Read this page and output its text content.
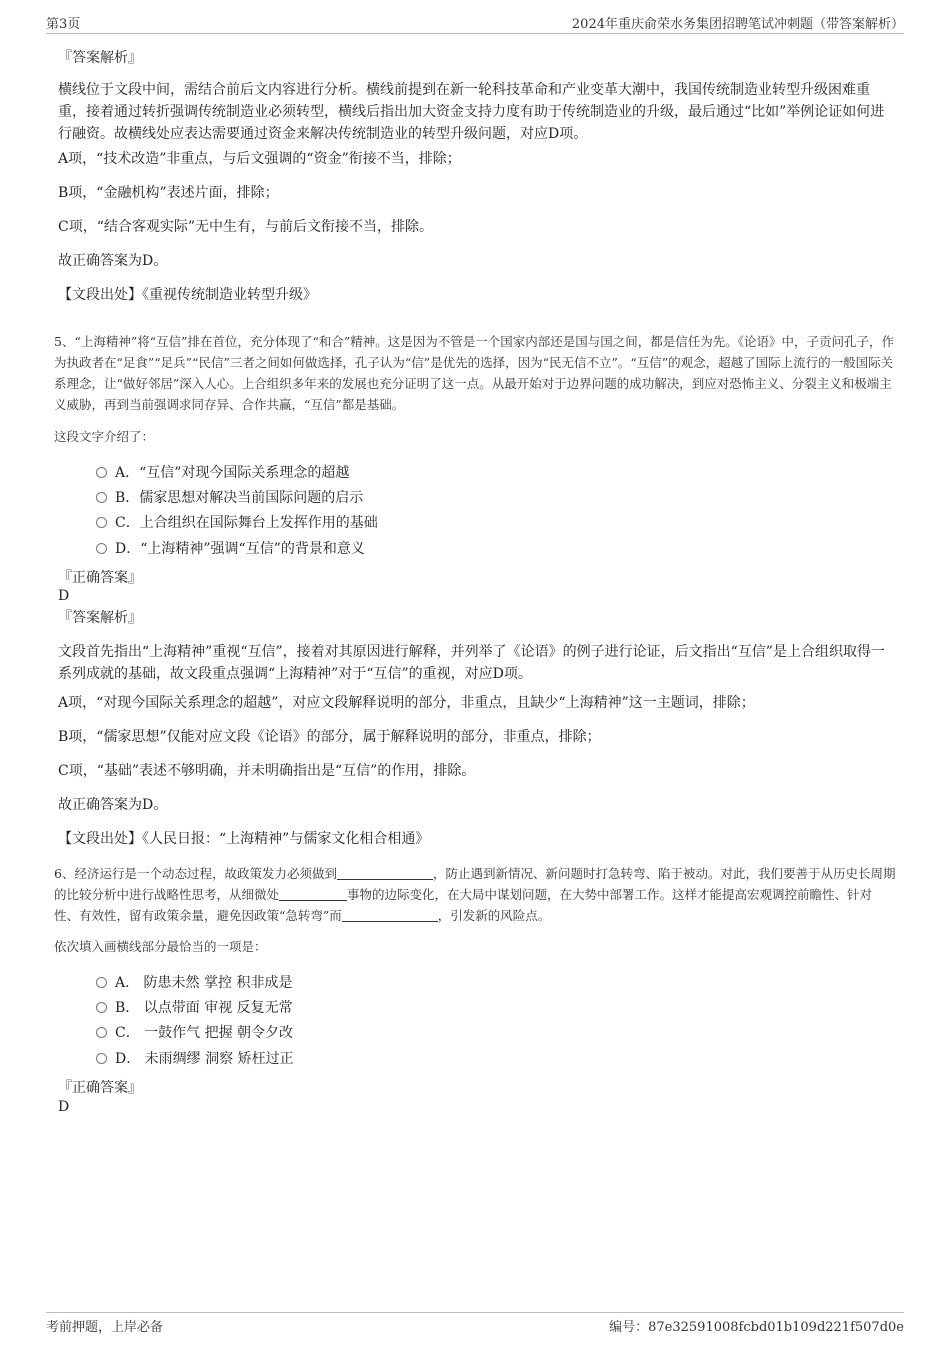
第3页	2024年重庆俞荣水务集团招聘笔试冲刺题（带答案解析）
『答案解析』
横线位于文段中间，需结合前后文内容进行分析。横线前提到在新一轮科技革命和产业变革大潮中，我国传统制造业转型升级困难重重，接着通过转折强调传统制造业必须转型，横线后指出加大资金支持力度有助于传统制造业的升级，最后通过“比如”举例论证如何进行融资。故横线处应表达需要通过资金来解决传统制造业的转型升级问题，对应D项。
A项，“技术改造”非重点，与后文强调的“资金”衔接不当，排除；
B项，“金融机构”表述片面，排除；
C项，“结合客观实际”无中生有，与前后文衔接不当，排除。
故正确答案为D。
【文段出处】《重视传统制造业转型升级》
5、“上海精神”将“互信”排在首位，充分体现了“和合”精神。这是因为不管是一个国家内部还是国与国之间，都是信任为先。《论语》中，子贡问孔子，作为执政者在“足食”“足兵”“民信”三者之间如何做选择，孔子认为“信”是优先的选择，因为“民无信不立”。“互信”的观念，超越了国际上流行的一般国际关系理念，让“做好邻居”深入人心。上合组织多年来的发展也充分证明了这一点。从最开始对于边界问题的成功解决，到应对恐怖主义、分裂主义和极端主义威胁，再到当前强调求同存异、合作共赢，“互信”都是基础。
这段文字介绍了：
A．“互信”对现今国际关系理念的超越
B．儒家思想对解决当前国际问题的启示
C．上合组织在国际舞台上发挥作用的基础
D．“上海精神”强调“互信”的背景和意义
『正确答案』
D
『答案解析』
文段首先指出“上海精神”重视“互信”，接着对其原因进行解释，并列举了《论语》的例子进行论证，后文指出“互信”是上合组织取得一系列成就的基础，故文段重点强调“上海精神”对于“互信”的重视，对应D项。
A项，“对现今国际关系理念的超越”，对应文段解释说明的部分，非重点，且缺少“上海精神”这一主题词，排除；
B项，“儒家思想”仅能对应文段《论语》的部分，属于解释说明的部分，非重点，排除；
C项，“基础”表述不够明确，并未明确指出是“互信”的作用，排除。
故正确答案为D。
【文段出处】《人民日报：“上海精神”与儒家文化相合相通》
6、经济运行是一个动态过程，故政策发力必须做到	，防止遇到新情况、新问题时打急转弯、陷于被动。对此，我们要善于从历史长周期的比较分析中进行战略性思考，从细微处	事物的边际变化，在大局中谋划问题，在大势中部署工作。这样才能提高宏观调控前瞻性、针对性、有效性，留有政策余量，避免因政策“急转弯”而	，引发新的风险点。
依次填入画横线部分最恰当的一项是：
A． 防患未然 掌控 积非成是
B． 以点带面 审视 反复无常
C． 一鼓作气 把握 朝令夕改
D． 未雨绸缪 洞察 矫枉过正
『正确答案』
D
考前押题，上岸必备	编号：87e32591008fcbd01b109d221f507d0e
